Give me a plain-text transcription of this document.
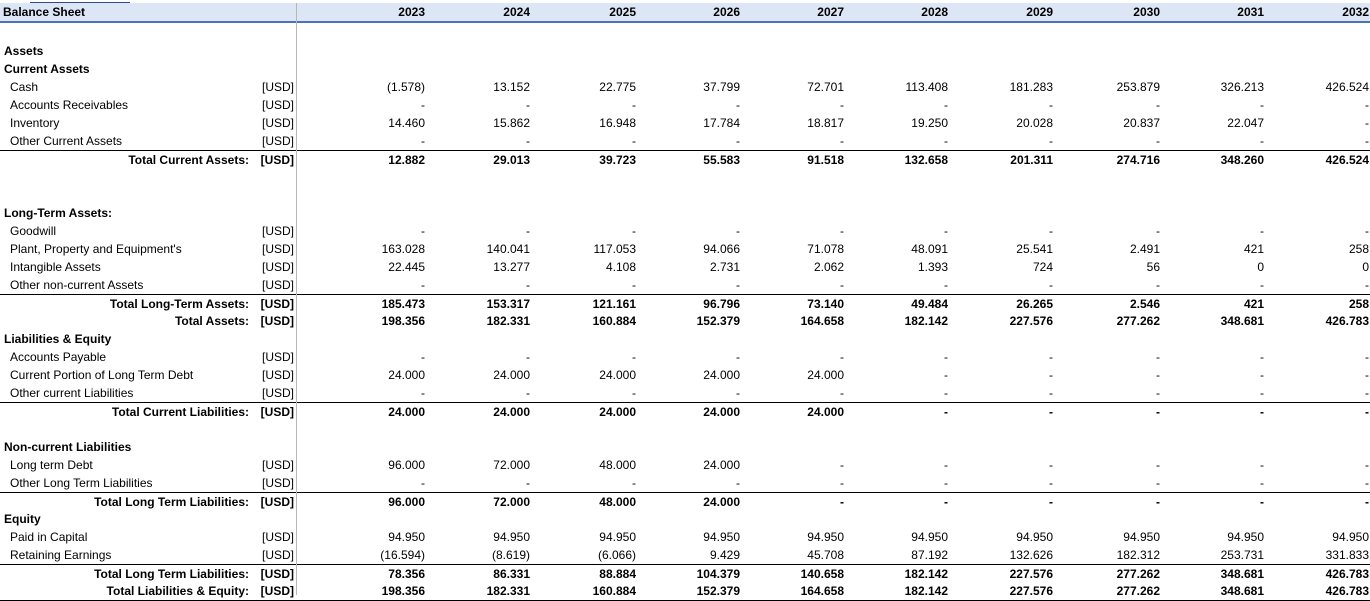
Balance Sheet	2023	2024	2025	2026	2027	2028	2029	2030	2031	2032
Assets
Current Assets
Cash	[USD]	(1.578)	13.152	22.775	37.799	72.701	113.408	181.283	253.879	326.213	426.524
Accounts Receivables	[USD]	-	-	-	-	-	-	-	-	-	-
Inventory	[USD]	14.460	15.862	16.948	17.784	18.817	19.250	20.028	20.837	22.047	-
Other Current Assets	[USD]	-	-	-	-	-	-	-	-	-	-
Total Current Assets: [USD]	12.882	29.013	39.723	55.583	91.518	132.658	201.311	274.716	348.260	426.524
Long-Term Assets:
Goodwill	[USD]	-	-	-	-	-	-	-	-	-	-
Plant, Property and Equipment's	[USD]	163.028	140.041	117.053	94.066	71.078	48.091	25.541	2.491	421	258
Intangible Assets	[USD]	22.445	13.277	4.108	2.731	2.062	1.393	724	56	0	0
Other non-current Assets	[USD]	-	-	-	-	-	-	-	-	-	-
Total Long-Term Assets: [USD]	185.473	153.317	121.161	96.796	73.140	49.484	26.265	2.546	421	258
Total Assets: [USD]	198.356	182.331	160.884	152.379	164.658	182.142	227.576	277.262	348.681	426.783
Liabilities & Equity
Accounts Payable	[USD]	-	-	-	-	-	-	-	-	-	-
Current Portion of Long Term Debt	[USD]	24.000	24.000	24.000	24.000	24.000	-	-	-	-	-
Other current Liabilities	[USD]	-	-	-	-	-	-	-	-	-	-
Total Current Liabilities: [USD]	24.000	24.000	24.000	24.000	24.000	-	-	-	-	-
Non-current Liabilities
Long term Debt	[USD]	96.000	72.000	48.000	24.000	-	-	-	-	-	-
Other Long Term Liabilities	[USD]	-	-	-	-	-	-	-	-	-	-
Total Long Term Liabilities: [USD]	96.000	72.000	48.000	24.000	-	-	-	-	-	-
Equity
Paid in Capital	[USD]	94.950	94.950	94.950	94.950	94.950	94.950	94.950	94.950	94.950	94.950
Retaining Earnings	[USD]	(16.594)	(8.619)	(6.066)	9.429	45.708	87.192	132.626	182.312	253.731	331.833
Total Long Term Liabilities: [USD]	78.356	86.331	88.884	104.379	140.658	182.142	227.576	277.262	348.681	426.783
Total Liabilities & Equity: [USD]	198.356	182.331	160.884	152.379	164.658	182.142	227.576	277.262	348.681	426.783
